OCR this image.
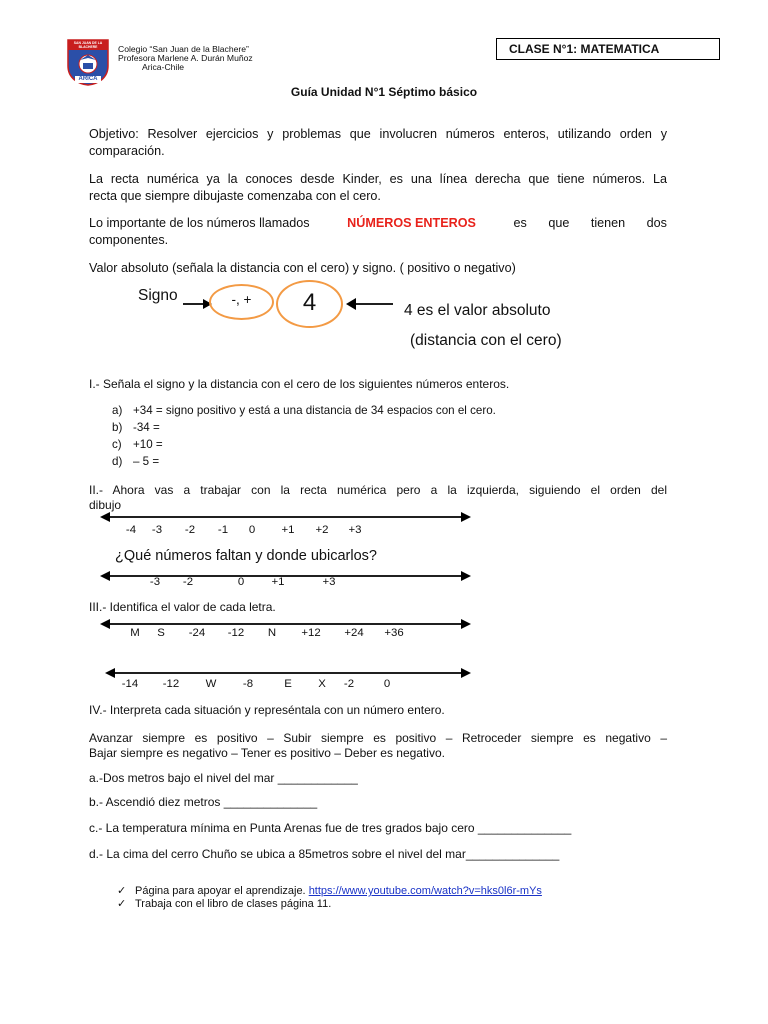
SAN JUAN DE LA BLACHERE
ARICA
Colegio “San Juan de la Blachere”
Profesora Marlene A. Durán Muñoz
Arica-Chile
CLASE N°1: MATEMATICA
Guía Unidad N°1 Séptimo básico
Objetivo: Resolver ejercicios y problemas que involucren números enteros, utilizando orden y
comparación.
La recta numérica ya la conoces desde Kinder, es una línea derecha que tiene números. La
recta que siempre dibujaste comenzaba con el cero.
Lo importante de los números llamados	NÚMEROS ENTEROS	es que tienen dos
componentes.
Valor absoluto (señala la distancia con el cero) y signo. ( positivo o negativo)
Signo	-, +	4	4 es el valor absoluto
(distancia con el cero)
I.- Señala el signo y la distancia con el cero de los siguientes números enteros.
a) +34 = signo positivo y está a una distancia de 34 espacios con el cero.
b) -34 =
c) +10 =
d) – 5 =
II.- Ahora vas a trabajar con la recta numérica pero a la izquierda, siguiendo el orden del
dibujo
-4 -3 -2 -1 0 +1 +2 +3
¿Qué números faltan y donde ubicarlos?
-3 -2	0 +1	+3
III.- Identifica el valor de cada letra.
M S -24 -12 N +12 +24 +36
-14 -12 W -8	E X -2	0
IV.- Interpreta cada situación y represéntala con un número entero.
Avanzar siempre es positivo – Subir siempre es positivo – Retroceder siempre es negativo –
Bajar siempre es negativo – Tener es positivo – Deber es negativo.
a.-Dos metros bajo el nivel del mar ____________
b.- Ascendió diez metros ______________
c.- La temperatura mínima en Punta Arenas fue de tres grados bajo cero ______________
d.- La cima del cerro Chuño se ubica a 85metros sobre el nivel del mar______________
✓ Página para apoyar el aprendizaje. https://www.youtube.com/watch?v=hks0l6r-mYs
✓ Trabaja con el libro de clases página 11.
